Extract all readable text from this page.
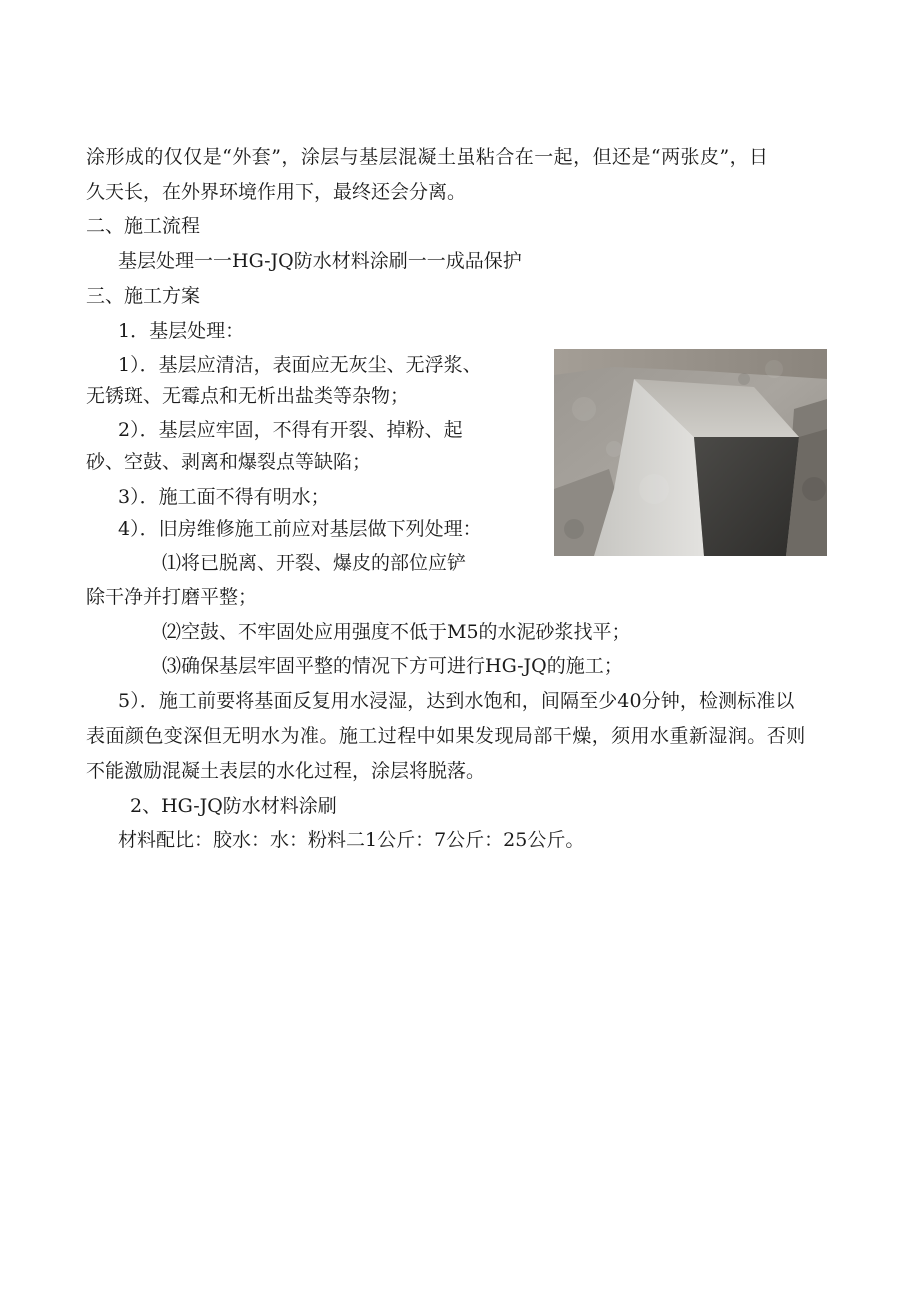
涂形成的仅仅是“外套”，涂层与基层混凝土虽粘合在一起，但还是“两张皮”，日
久天长，在外界环境作用下，最终还会分离。
二、施工流程
基层处理一一HG-JQ防水材料涂刷一一成品保护
三、施工方案
1．基层处理：
1）．基层应清洁，表面应无灰尘、无浮浆、
无锈斑、无霉点和无析出盐类等杂物；
2）．基层应牢固，不得有开裂、掉粉、起
砂、空鼓、剥离和爆裂点等缺陷；
3）．施工面不得有明水；
4）．旧房维修施工前应对基层做下列处理：
⑴将已脱离、开裂、爆皮的部位应铲
除干净并打磨平整；
⑵空鼓、不牢固处应用强度不低于M5的水泥砂浆找平；
⑶确保基层牢固平整的情况下方可进行HG-JQ的施工；
5）．施工前要将基面反复用水浸湿，达到水饱和，间隔至少40分钟，检测标准以
表面颜色变深但无明水为准。施工过程中如果发现局部干燥，须用水重新湿润。否则
不能激励混凝土表层的水化过程，涂层将脱落。
2、HG-JQ防水材料涂刷
材料配比：胶水：水：粉料二1公斤：7公斤：25公斤。
